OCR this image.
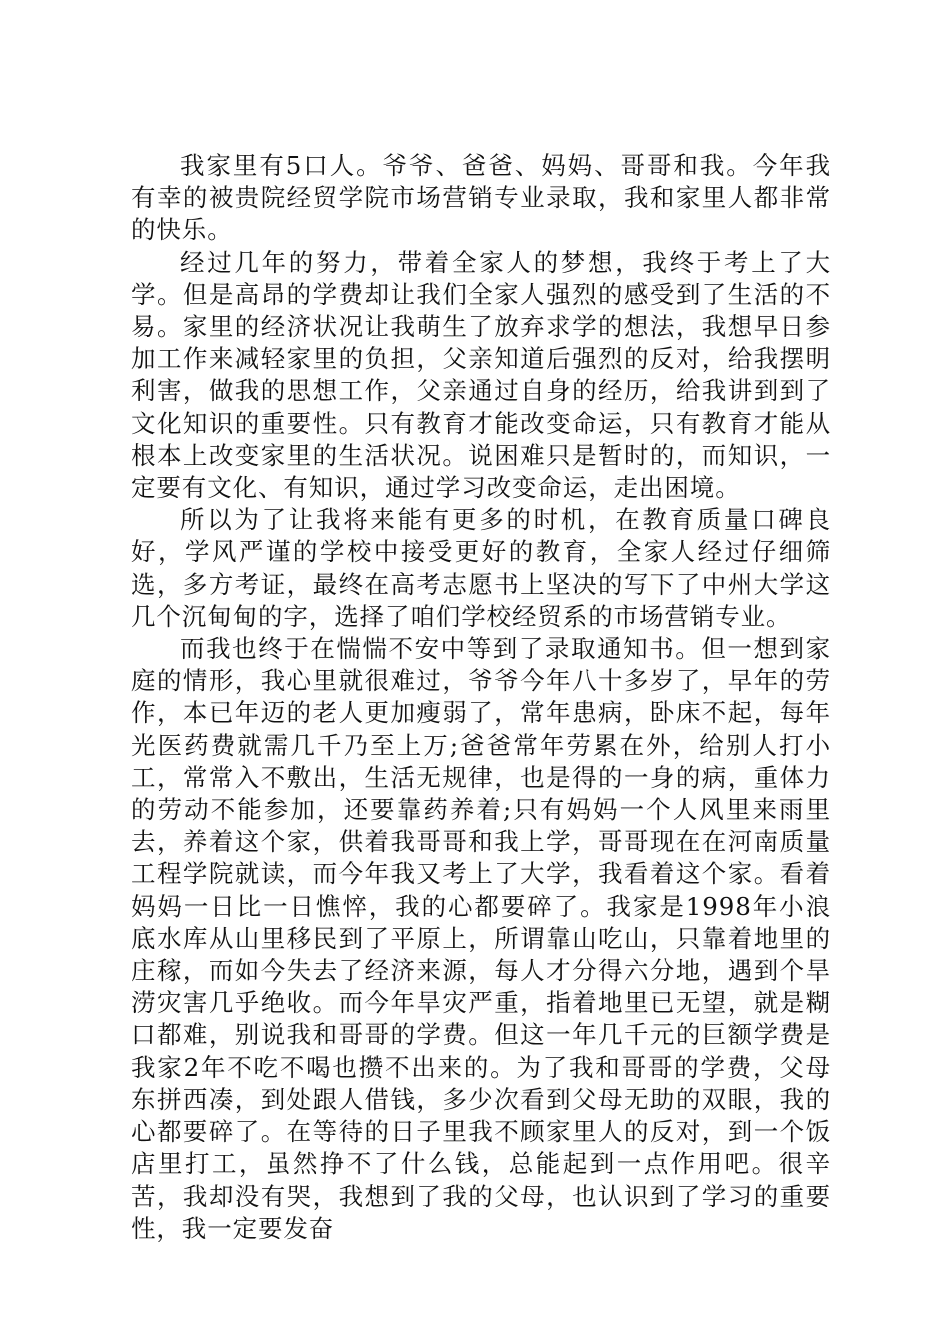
我家里有5口人。爷爷、爸爸、妈妈、哥哥和我。今年我有幸的被贵院经贸学院市场营销专业录取，我和家里人都非常的快乐。

经过几年的努力，带着全家人的梦想，我终于考上了大学。但是高昂的学费却让我们全家人强烈的感受到了生活的不易。家里的经济状况让我萌生了放弃求学的想法，我想早日参加工作来减轻家里的负担，父亲知道后强烈的反对，给我摆明利害，做我的思想工作，父亲通过自身的经历，给我讲到到了文化知识的重要性。只有教育才能改变命运，只有教育才能从根本上改变家里的生活状况。说困难只是暂时的，而知识，一定要有文化、有知识，通过学习改变命运，走出困境。

所以为了让我将来能有更多的时机，在教育质量口碑良好，学风严谨的学校中接受更好的教育，全家人经过仔细筛选，多方考证，最终在高考志愿书上坚决的写下了中州大学这几个沉甸甸的字，选择了咱们学校经贸系的市场营销专业。

而我也终于在惴惴不安中等到了录取通知书。但一想到家庭的情形，我心里就很难过，爷爷今年八十多岁了，早年的劳作，本已年迈的老人更加瘦弱了，常年患病，卧床不起，每年光医药费就需几千乃至上万;爸爸常年劳累在外，给别人打小工，常常入不敷出，生活无规律，也是得的一身的病，重体力的劳动不能参加，还要靠药养着;只有妈妈一个人风里来雨里去，养着这个家，供着我哥哥和我上学，哥哥现在在河南质量工程学院就读，而今年我又考上了大学，我看着这个家。看着妈妈一日比一日憔悴，我的心都要碎了。我家是1998年小浪底水库从山里移民到了平原上，所谓靠山吃山，只靠着地里的庄稼，而如今失去了经济来源，每人才分得六分地，遇到个旱涝灾害几乎绝收。而今年旱灾严重，指着地里已无望，就是糊口都难，别说我和哥哥的学费。但这一年几千元的巨额学费是我家2年不吃不喝也攒不出来的。为了我和哥哥的学费，父母东拼西凑，到处跟人借钱，多少次看到父母无助的双眼，我的心都要碎了。在等待的日子里我不顾家里人的反对，到一个饭店里打工，虽然挣不了什么钱，总能起到一点作用吧。很辛苦，我却没有哭，我想到了我的父母，也认识到了学习的重要性，我一定要发奋
